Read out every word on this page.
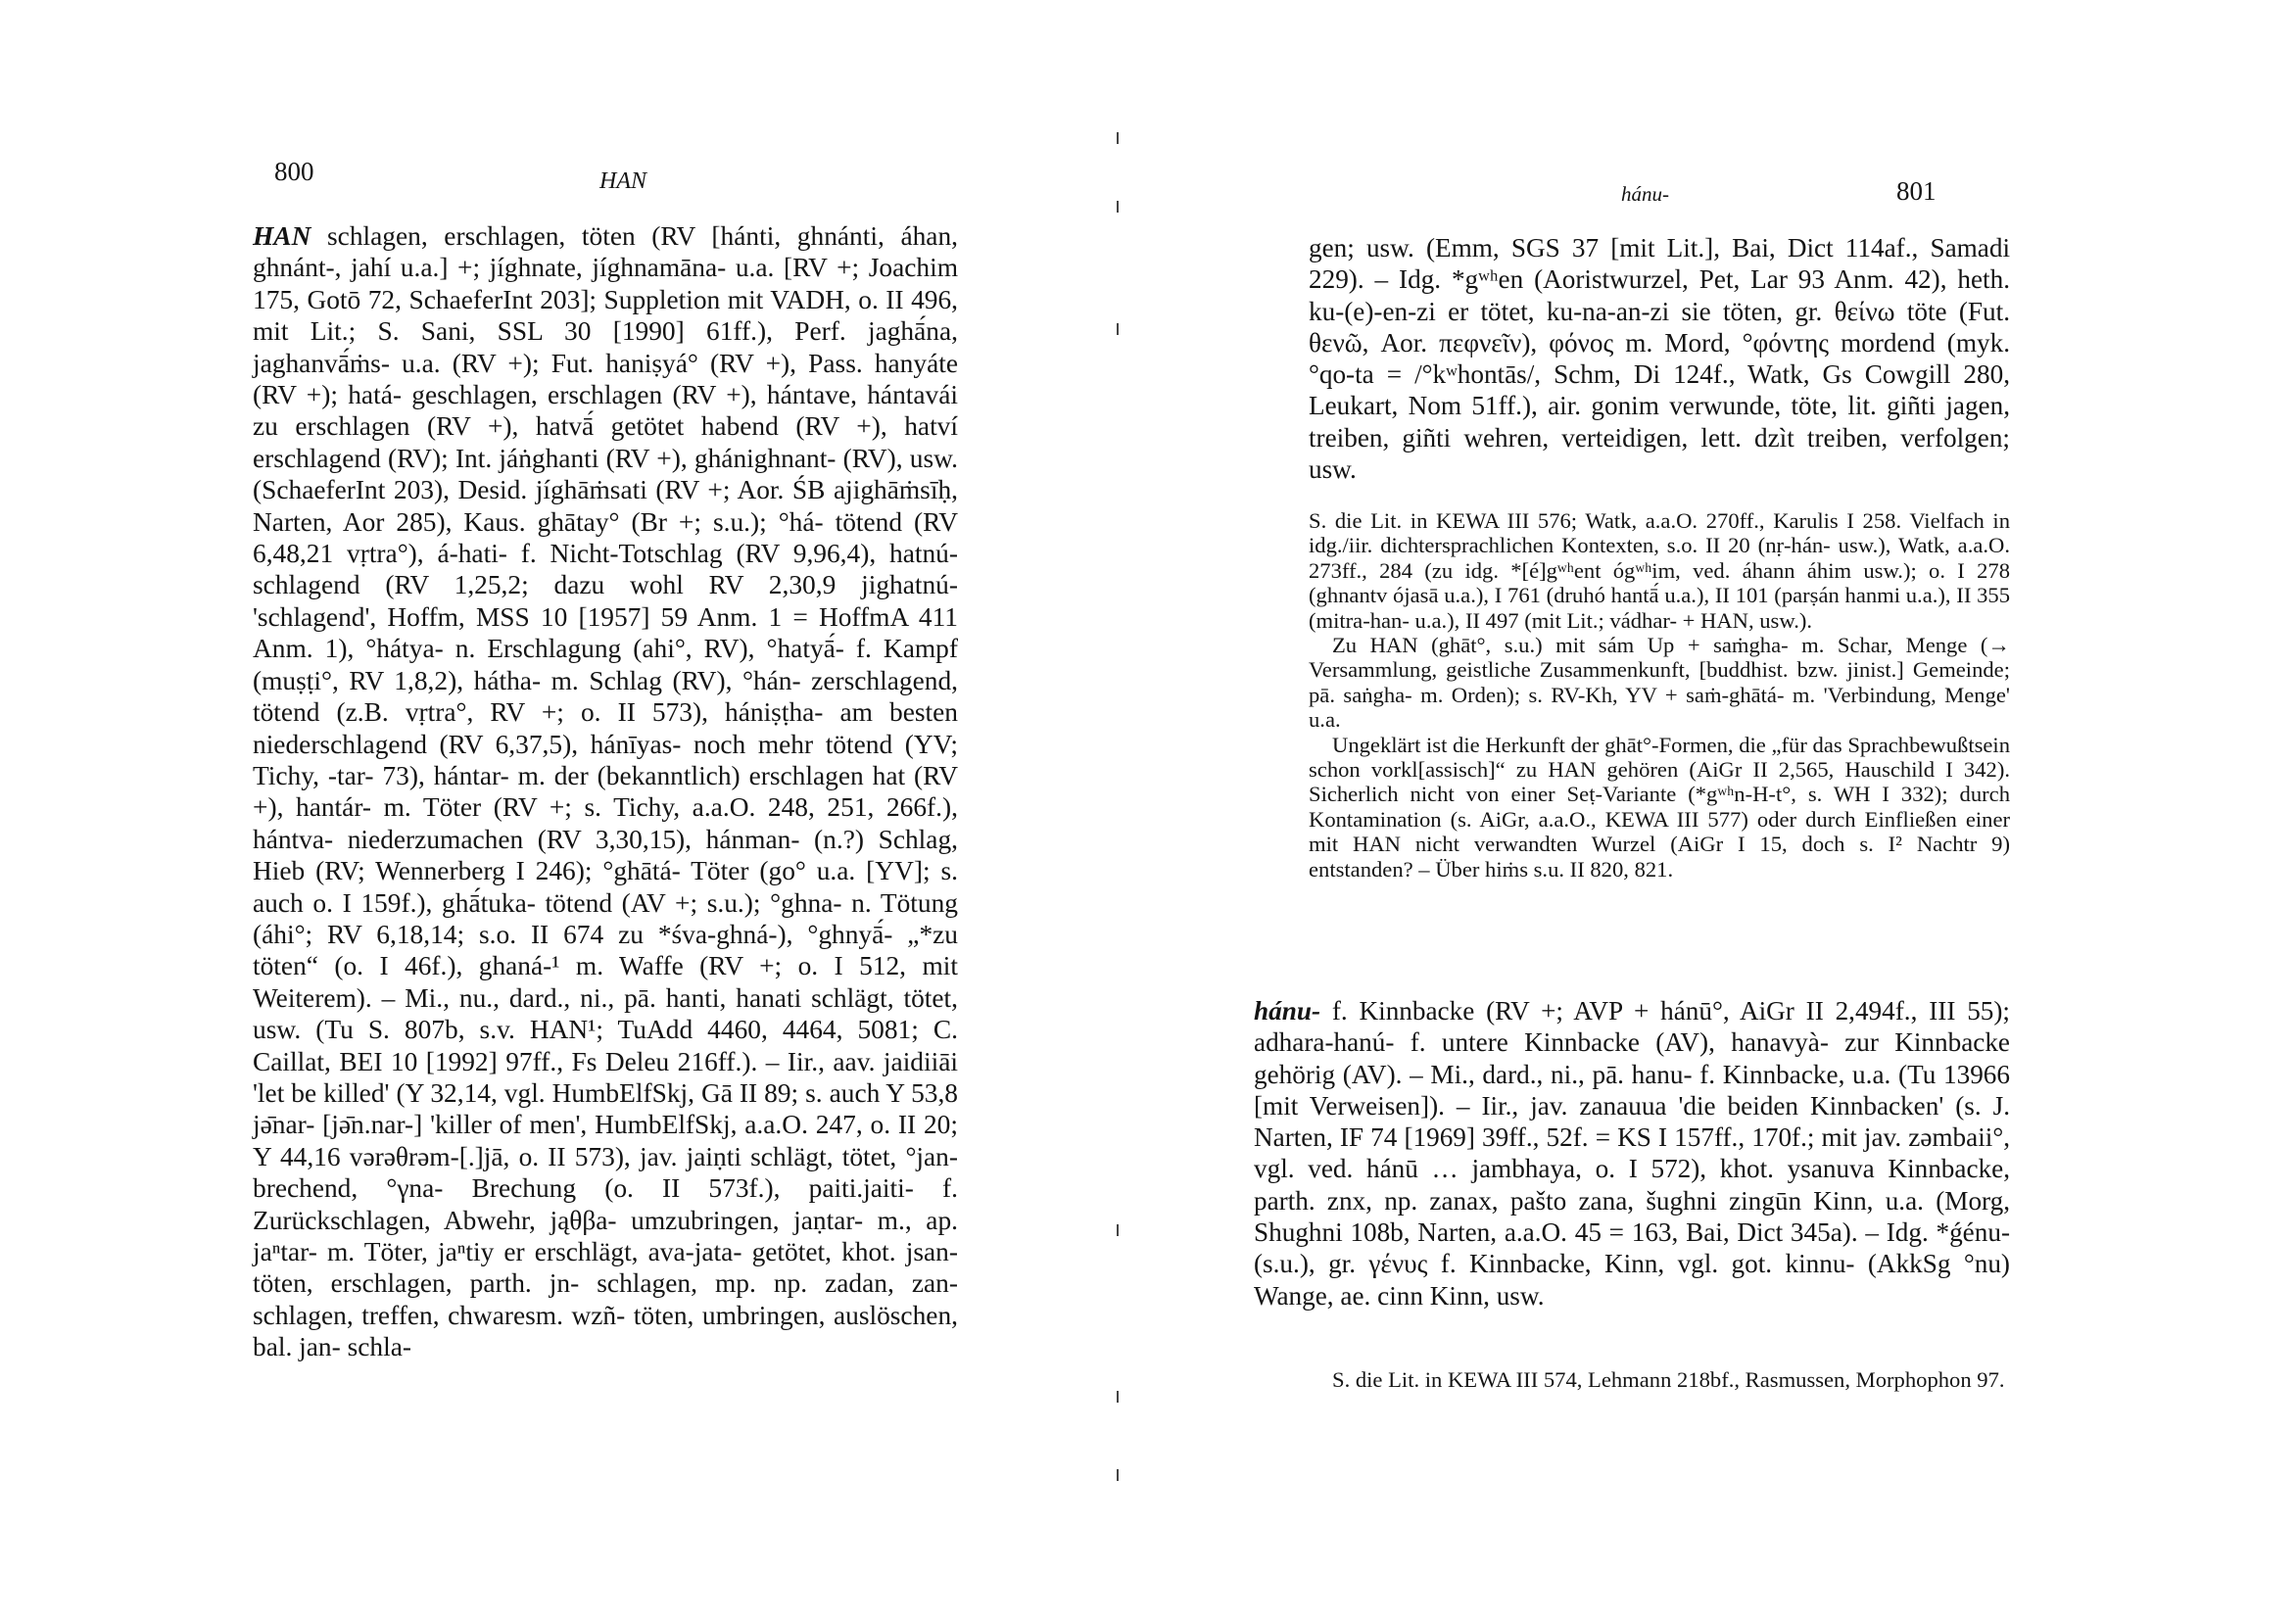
800	HAN

HAN schlagen, erschlagen, töten (RV [hánti, ghnánti, áhan, ghnánt-, jahí u.a.] +; jíghnate, jíghnamāna- u.a. [RV +; Joachim 175, Gotō 72, SchaeferInt 203]; Suppletion mit VADH, o. II 496, mit Lit.; S. Sani, SSL 30 [1990] 61ff.), Perf. jaghā́na, jaghanvā́ṁs- u.a. (RV +); Fut. haniṣyá° (RV +), Pass. hanyáte (RV +); hatá- geschlagen, erschlagen (RV +), hántave, hántavái zu erschlagen (RV +), hatvā́ getötet habend (RV +), hatví erschlagend (RV); Int. jáṅghanti (RV +), ghánighnant- (RV), usw. (SchaeferInt 203), Desid. jíghāṁsati (RV +; Aor. ŚB ajighāṁsīḥ, Narten, Aor 285), Kaus. ghātay° (Br +; s.u.); °há- tötend (RV 6,48,21 vṛtra°), á-hati- f. Nicht-Totschlag (RV 9,96,4), hatnú- schlagend (RV 1,25,2; dazu wohl RV 2,30,9 jighatnú- 'schlagend', Hoffm, MSS 10 [1957] 59 Anm. 1 = HoffmA 411 Anm. 1), °hátya- n. Erschlagung (ahi°, RV), °hatyā́- f. Kampf (muṣṭi°, RV 1,8,2), hátha- m. Schlag (RV), °hán- zerschlagend, tötend (z.B. vṛtra°, RV +; o. II 573), hániṣṭha- am besten niederschlagend (RV 6,37,5), hánīyas- noch mehr tötend (YV; Tichy, -tar- 73), hántar- m. der (bekanntlich) erschlagen hat (RV +), hantár- m. Töter (RV +; s. Tichy, a.a.O. 248, 251, 266f.), hántva- niederzumachen (RV 3,30,15), hánman- (n.?) Schlag, Hieb (RV; Wennerberg I 246); °ghātá- Töter (go° u.a. [YV]; s. auch o. I 159f.), ghā́tuka- tötend (AV +; s.u.); °ghna- n. Tötung (áhi°; RV 6,18,14; s.o. II 674 zu *śva-ghná-), °ghnyā́- „*zu töten“ (o. I 46f.), ghaná-¹ m. Waffe (RV +; o. I 512, mit Weiterem). – Mi., nu., dard., ni., pā. hanti, hanati schlägt, tötet, usw. (Tu S. 807b, s.v. HAN¹; TuAdd 4460, 4464, 5081; C. Caillat, BEI 10 [1992] 97ff., Fs Deleu 216ff.). – Iir., aav. jaidiiāi 'let be killed' (Y 32,14, vgl. HumbElfSkj, Gā II 89; s. auch Y 53,8 jə̄nar- [jə̄n.nar-] 'killer of men', HumbElfSkj, a.a.O. 247, o. II 20; Y 44,16 vərəθrəm-[.]jā, o. II 573), jav. jaiṇti schlägt, tötet, °jan- brechend, °γna- Brechung (o. II 573f.), paiti.jaiti- f. Zurückschlagen, Abwehr, jąθβa- umzubringen, jaṇtar- m., ap. jaⁿtar- m. Töter, jaⁿtiy er erschlägt, ava-jata- getötet, khot. jsan- töten, erschlagen, parth. jn- schlagen, mp. np. zadan, zan- schlagen, treffen, chwaresm. wzñ- töten, umbringen, auslöschen, bal. jan- schla-

hánu-	801

gen; usw. (Emm, SGS 37 [mit Lit.], Bai, Dict 114af., Samadi 229). – Idg. *gʷʰen (Aoristwurzel, Pet, Lar 93 Anm. 42), heth. ku-(e)-en-zi er tötet, ku-na-an-zi sie töten, gr. θείνω töte (Fut. θενῶ, Aor. πεφνεῖν), φόνος m. Mord, °φόντης mordend (myk. °qo-ta = /°kʷhontās/, Schm, Di 124f., Watk, Gs Cowgill 280, Leukart, Nom 51ff.), air. gonim verwunde, töte, lit. giñti jagen, treiben, giñti wehren, verteidigen, lett. dzìt treiben, verfolgen; usw.

S. die Lit. in KEWA III 576; Watk, a.a.O. 270ff., Karulis I 258. Vielfach in idg./iir. dichtersprachlichen Kontexten, s.o. II 20 (nṛ-hán- usw.), Watk, a.a.O. 273ff., 284 (zu idg. *[é]gʷʰent ógʷʰim, ved. áhann áhim usw.); o. I 278 (ghnantv ójasā u.a.), I 761 (druhó hantā́ u.a.), II 101 (parṣán hanmi u.a.), II 355 (mitra-han- u.a.), II 497 (mit Lit.; vádhar- + HAN, usw.).

Zu HAN (ghāt°, s.u.) mit sám Up + saṁgha- m. Schar, Menge (→ Versammlung, geistliche Zusammenkunft, [buddhist. bzw. jinist.] Gemeinde; pā. saṅgha- m. Orden); s. RV-Kh, YV + saṁ-ghātá- m. 'Verbindung, Menge' u.a.

Ungeklärt ist die Herkunft der ghāt°-Formen, die „für das Sprachbewußtsein schon vorkl[assisch]“ zu HAN gehören (AiGr II 2,565, Hauschild I 342). Sicherlich nicht von einer Seṭ-Variante (*gʷʰn-H-t°, s. WH I 332); durch Kontamination (s. AiGr, a.a.O., KEWA III 577) oder durch Einfließen einer mit HAN nicht verwandten Wurzel (AiGr I 15, doch s. I² Nachtr 9) entstanden? – Über hiṁs s.u. II 820, 821.

hánu- f. Kinnbacke (RV +; AVP + hánū°, AiGr II 2,494f., III 55); adhara-hanú- f. untere Kinnbacke (AV), hanavyà- zur Kinnbacke gehörig (AV). – Mi., dard., ni., pā. hanu- f. Kinnbacke, u.a. (Tu 13966 [mit Verweisen]). – Iir., jav. zanauua 'die beiden Kinnbacken' (s. J. Narten, IF 74 [1969] 39ff., 52f. = KS I 157ff., 170f.; mit jav. zəmbaii°, vgl. ved. hánū … jambhaya, o. I 572), khot. ysanuva Kinnbacke, parth. znx, np. zanax, pašto zana, šughni zingūn Kinn, u.a. (Morg, Shughni 108b, Narten, a.a.O. 45 = 163, Bai, Dict 345a). – Idg. *ǵénu- (s.u.), gr. γένυς f. Kinnbacke, Kinn, vgl. got. kinnu- (AkkSg °nu) Wange, ae. cinn Kinn, usw.

S. die Lit. in KEWA III 574, Lehmann 218bf., Rasmussen, Morphophon 97.
